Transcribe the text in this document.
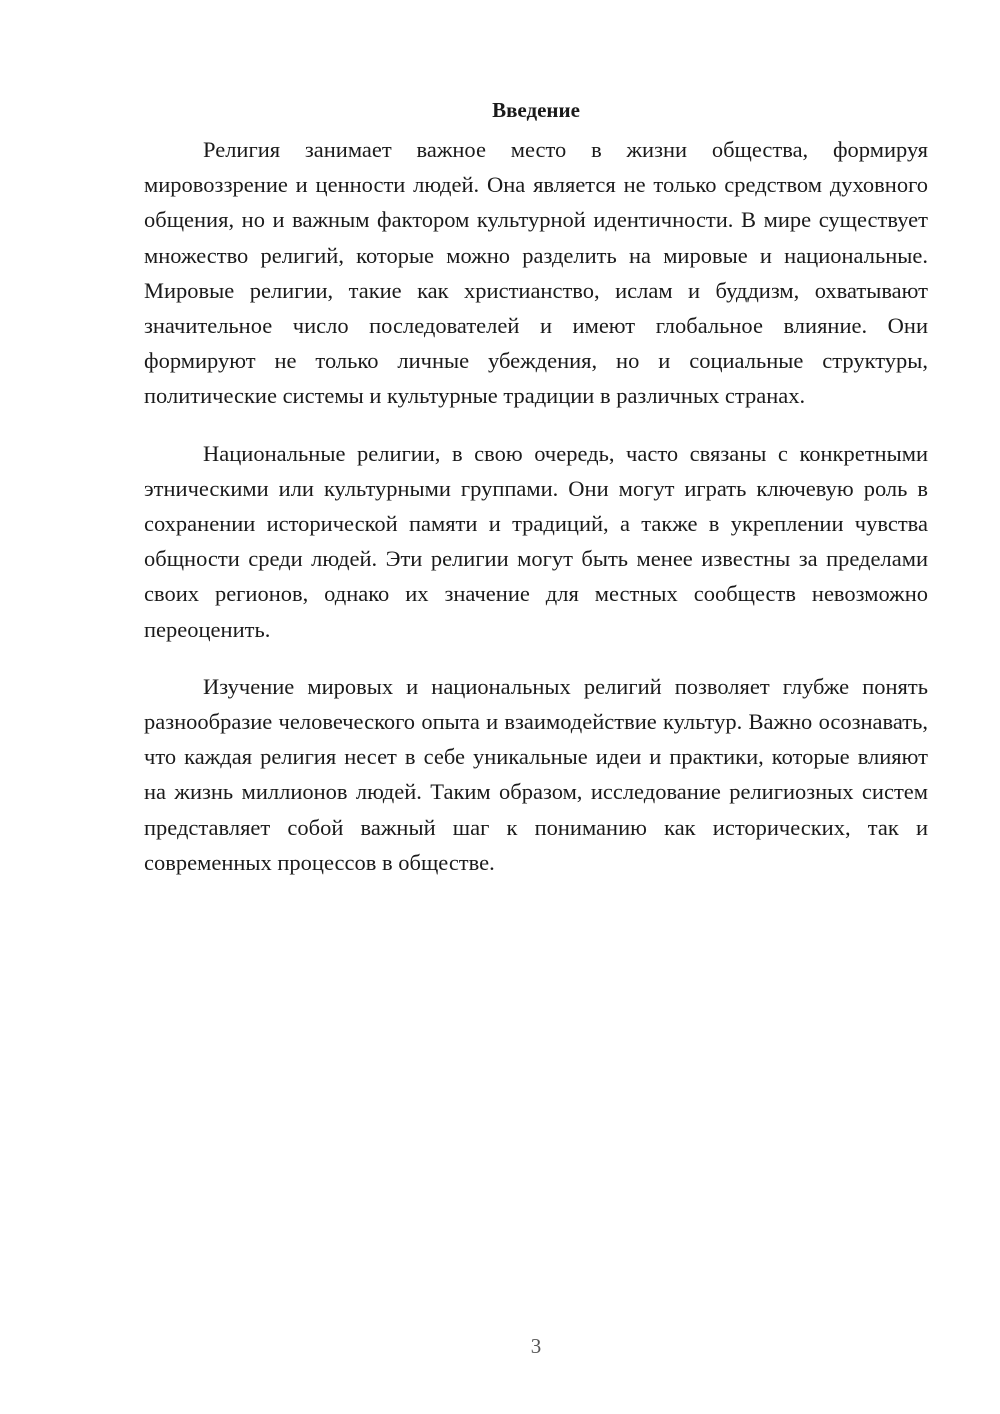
Введение

Религия занимает важное место в жизни общества, формируя мировоззрение и ценности людей. Она является не только средством духовного общения, но и важным фактором культурной идентичности. В мире существует множество религий, которые можно разделить на мировые и национальные. Мировые религии, такие как христианство, ислам и буддизм, охватывают значительное число последователей и имеют глобальное влияние. Они формируют не только личные убеждения, но и социальные структуры, политические системы и культурные традиции в различных странах.

Национальные религии, в свою очередь, часто связаны с конкретными этническими или культурными группами. Они могут играть ключевую роль в сохранении исторической памяти и традиций, а также в укреплении чувства общности среди людей. Эти религии могут быть менее известны за пределами своих регионов, однако их значение для местных сообществ невозможно переоценить.

Изучение мировых и национальных религий позволяет глубже понять разнообразие человеческого опыта и взаимодействие культур. Важно осознавать, что каждая религия несет в себе уникальные идеи и практики, которые влияют на жизнь миллионов людей. Таким образом, исследование религиозных систем представляет собой важный шаг к пониманию как исторических, так и современных процессов в обществе.

3
